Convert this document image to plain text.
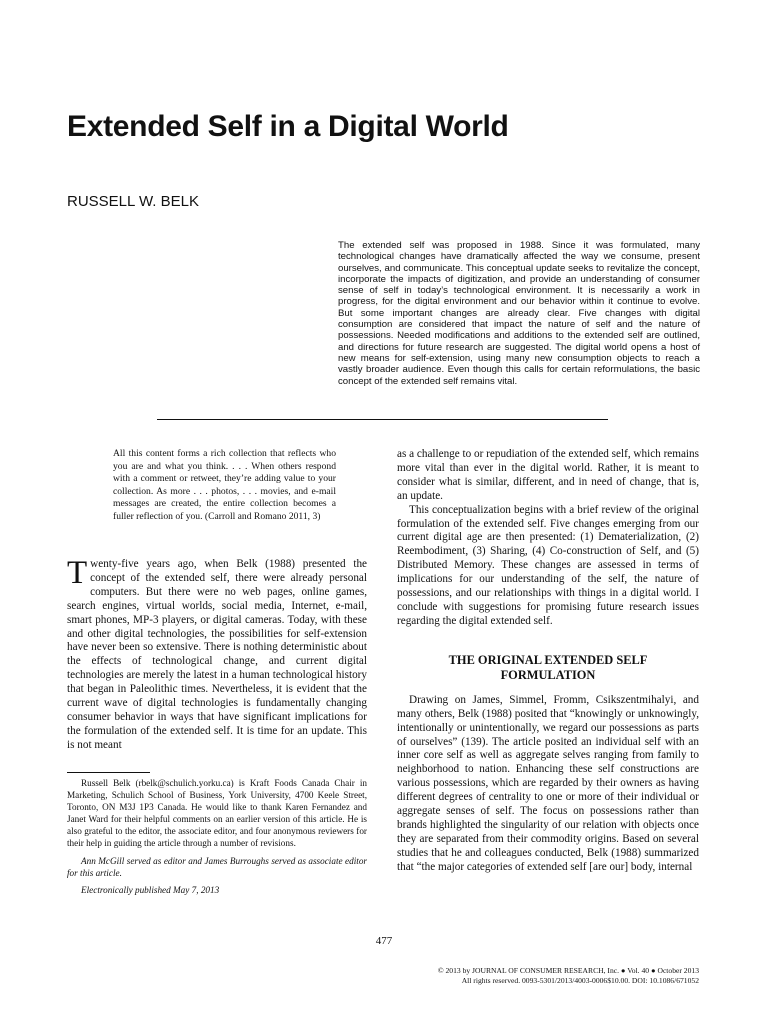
Extended Self in a Digital World
RUSSELL W. BELK
The extended self was proposed in 1988. Since it was formulated, many technological changes have dramatically affected the way we consume, present ourselves, and communicate. This conceptual update seeks to revitalize the concept, incorporate the impacts of digitization, and provide an understanding of consumer sense of self in today’s technological environment. It is necessarily a work in progress, for the digital environment and our behavior within it continue to evolve. But some important changes are already clear. Five changes with digital consumption are considered that impact the nature of self and the nature of possessions. Needed modifications and additions to the extended self are outlined, and directions for future research are suggested. The digital world opens a host of new means for self-extension, using many new consumption objects to reach a vastly broader audience. Even though this calls for certain reformulations, the basic concept of the extended self remains vital.
All this content forms a rich collection that reflects who you are and what you think. . . . When others respond with a comment or retweet, they’re adding value to your collection. As more . . . photos, . . . movies, and e-mail messages are created, the entire collection becomes a fuller reflection of you. (Carroll and Romano 2011, 3)

Twenty-five years ago, when Belk (1988) presented the concept of the extended self, there were already personal computers. But there were no web pages, online games, search engines, virtual worlds, social media, Internet, e-mail, smart phones, MP-3 players, or digital cameras. Today, with these and other digital technologies, the possibilities for self-extension have never been so extensive. There is nothing deterministic about the effects of technological change, and current digital technologies are merely the latest in a human technological history that began in Paleolithic times. Nevertheless, it is evident that the current wave of digital technologies is fundamentally changing consumer behavior in ways that have significant implications for the formulation of the extended self. It is time for an update. This is not meant

Russell Belk (rbelk@schulich.yorku.ca) is Kraft Foods Canada Chair in Marketing, Schulich School of Business, York University, 4700 Keele Street, Toronto, ON M3J 1P3 Canada. He would like to thank Karen Fernandez and Janet Ward for their helpful comments on an earlier version of this article. He is also grateful to the editor, the associate editor, and four anonymous reviewers for their help in guiding the article through a number of revisions.

Ann McGill served as editor and James Burroughs served as associate editor for this article.

Electronically published May 7, 2013

as a challenge to or repudiation of the extended self, which remains more vital than ever in the digital world. Rather, it is meant to consider what is similar, different, and in need of change, that is, an update.

This conceptualization begins with a brief review of the original formulation of the extended self. Five changes emerging from our current digital age are then presented: (1) Dematerialization, (2) Reembodiment, (3) Sharing, (4) Co-construction of Self, and (5) Distributed Memory. These changes are assessed in terms of implications for our understanding of the self, the nature of possessions, and our relationships with things in a digital world. I conclude with suggestions for promising future research issues regarding the digital extended self.

THE ORIGINAL EXTENDED SELF
FORMULATION

Drawing on James, Simmel, Fromm, Csikszentmihalyi, and many others, Belk (1988) posited that “knowingly or unknowingly, intentionally or unintentionally, we regard our possessions as parts of ourselves” (139). The article posited an individual self with an inner core self as well as aggregate selves ranging from family to neighborhood to nation. Enhancing these self constructions are various possessions, which are regarded by their owners as having different degrees of centrality to one or more of their individual or aggregate senses of self. The focus on possessions rather than brands highlighted the singularity of our relation with objects once they are separated from their commodity origins. Based on several studies that he and colleagues conducted, Belk (1988) summarized that “the major categories of extended self [are our] body, internal

477
© 2013 by JOURNAL OF CONSUMER RESEARCH, Inc. ● Vol. 40 ● October 2013
All rights reserved. 0093-5301/2013/4003-0006$10.00. DOI: 10.1086/671052
